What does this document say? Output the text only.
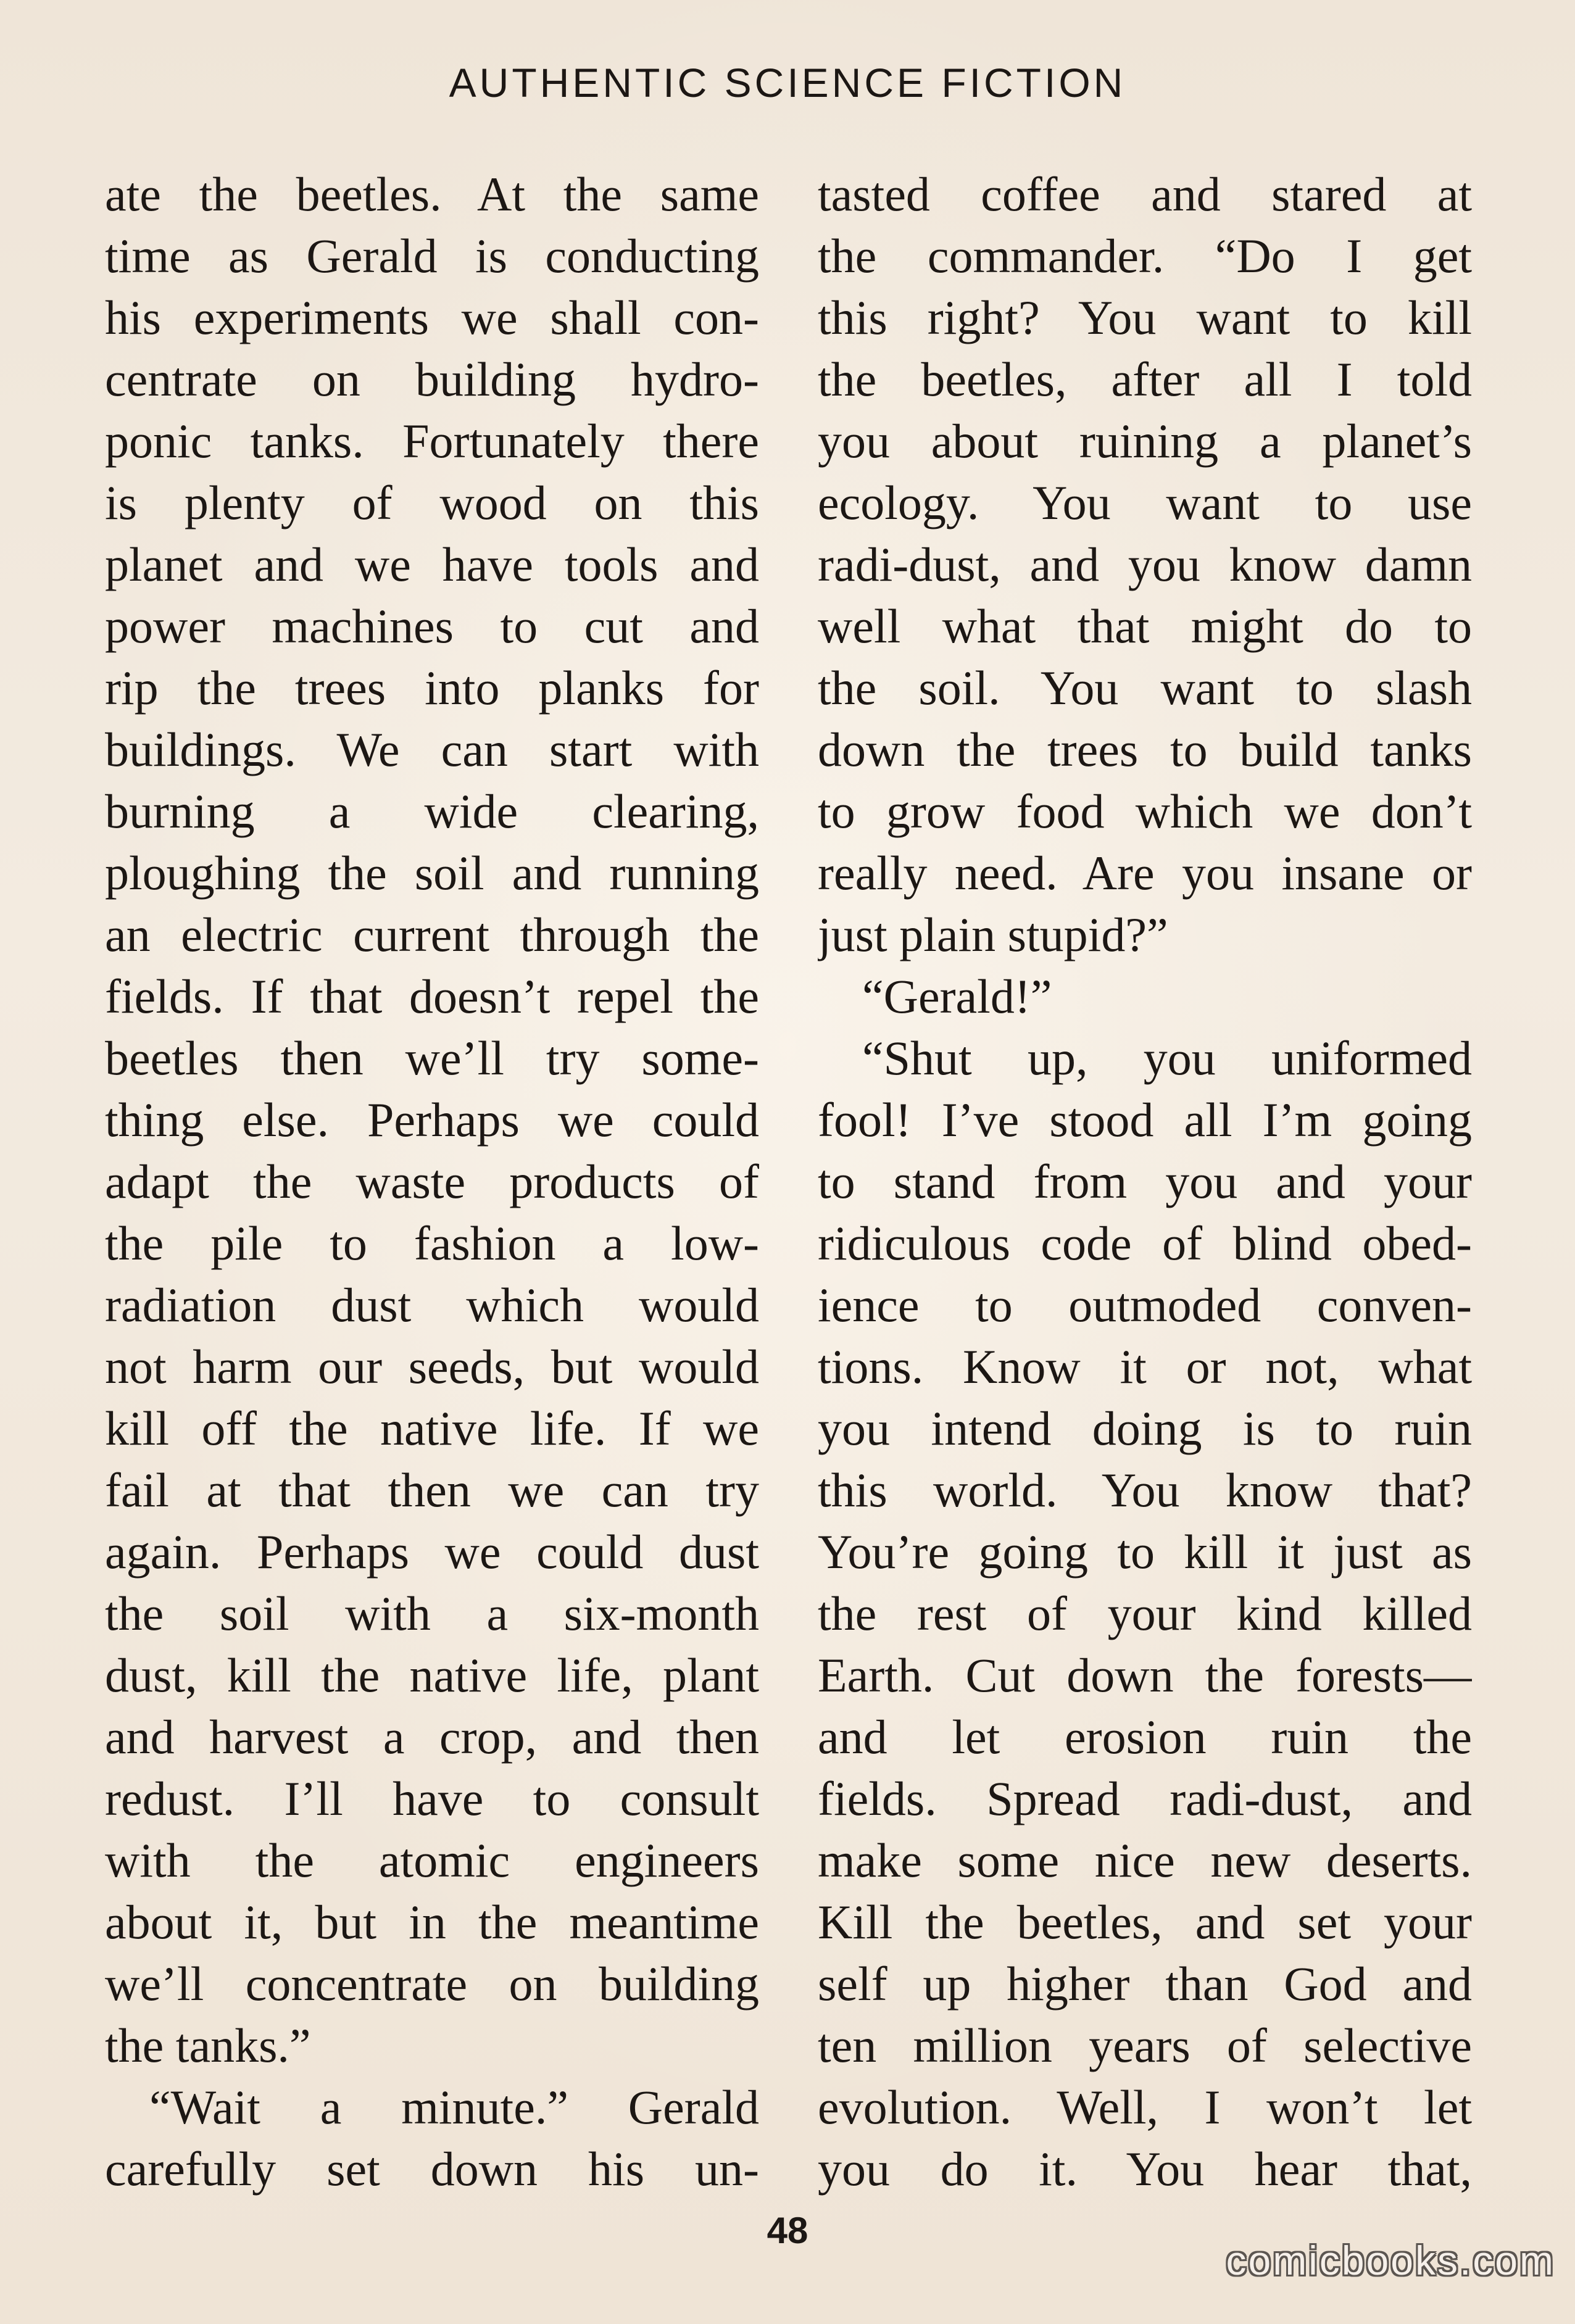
AUTHENTIC SCIENCE FICTION
ate the beetles. At the same
time as Gerald is conducting
his experiments we shall con-
centrate on building hydro-
ponic tanks. Fortunately there
is plenty of wood on this
planet and we have tools and
power machines to cut and
rip the trees into planks for
buildings. We can start with
burning a wide clearing,
ploughing the soil and running
an electric current through the
fields. If that doesn’t repel the
beetles then we’ll try some-
thing else. Perhaps we could
adapt the waste products of
the pile to fashion a low-
radiation dust which would
not harm our seeds, but would
kill off the native life. If we
fail at that then we can try
again. Perhaps we could dust
the soil with a six-month
dust, kill the native life, plant
and harvest a crop, and then
redust. I’ll have to consult
with the atomic engineers
about it, but in the meantime
we’ll concentrate on building
the tanks.”
“Wait a minute.” Gerald
carefully set down his un-
tasted coffee and stared at
the commander. “Do I get
this right? You want to kill
the beetles, after all I told
you about ruining a planet’s
ecology. You want to use
radi-dust, and you know damn
well what that might do to
the soil. You want to slash
down the trees to build tanks
to grow food which we don’t
really need. Are you insane or
just plain stupid?”
“Gerald!”
“Shut up, you uniformed
fool! I’ve stood all I’m going
to stand from you and your
ridiculous code of blind obed-
ience to outmoded conven-
tions. Know it or not, what
you intend doing is to ruin
this world. You know that?
You’re going to kill it just as
the rest of your kind killed
Earth. Cut down the forests—
and let erosion ruin the
fields. Spread radi-dust, and
make some nice new deserts.
Kill the beetles, and set your
self up higher than God and
ten million years of selective
evolution. Well, I won’t let
you do it. You hear that,
48
comicbooks.com
